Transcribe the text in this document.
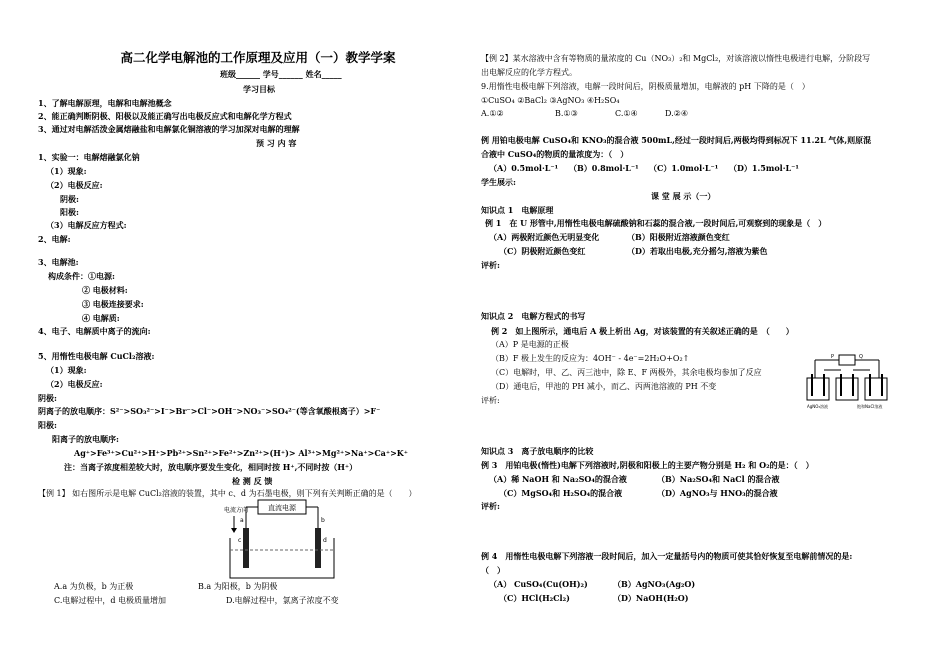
高二化学电解池的工作原理及应用（一）教学学案
班级______ 学号______ 姓名_____
学习目标
1、了解电解原理，电解和电解池概念
2、能正确判断阴极、阳极以及能正确写出电极反应式和电解化学方程式
3、通过对电解活泼金属熔融盐和电解氯化铜溶液的学习加深对电解的理解
预 习 内 容
1、实验一：电解熔融氯化钠
（1）现象:
（2）电极反应:
阴极:
阳极:
（3）电解反应方程式:
2、电解:
3、电解池:
构成条件：①电源:
② 电极材料:
③ 电极连接要求:
④ 电解质:
4、电子、电解质中离子的流向:
5、用惰性电极电解 CuCl₂溶液:
（1）现象:
（2）电极反应:
阴极:
阴离子的放电顺序：S²⁻>SO₃²⁻>I⁻>Br⁻>Cl⁻>OH⁻>NO₃⁻>SO₄²⁻(等含氧酸根离子）>F⁻
阳极:
阳离子的放电顺序:
Ag⁺>Fe³⁺>Cu²⁺>H⁺>Pb²⁺>Sn²⁺>Fe²⁺>Zn²⁺>(H⁺)> Al³⁺>Mg²⁺>Na⁺>Ca⁺>K⁺
注：当离子浓度相差较大时，放电顺序要发生变化，相同时按 H⁺,不同时按（H⁺）
检 测 反 馈
【例 1】 如右图所示是电解 CuCl₂溶液的装置，其中 c、d 为石墨电极，则下列有关判断正确的是（　　）
直流电源
电流方向
a	b
c	d
A.a 为负极，b 为正极	B.a 为阳极，b 为阴极
C.电解过程中，d 电极质量增加	D.电解过程中，氯离子浓度不变
【例 2】某水溶液中含有等物质的量浓度的 Cu（NO₃）₂和 MgCl₂，对该溶液以惰性电极进行电解，分阶段写
出电解反应的化学方程式。
9.用惰性电极电解下列溶液，电解一段时间后，阴极质量增加，电解液的 pH 下降的是（　）
①CuSO₄ ②BaCl₂ ③AgNO₃ ④H₂SO₄
A.①②	B.①③	C.①④	D.②④
例 用铂电极电解 CuSO₄和 KNO₃的混合液 500mL,经过一段时间后,两极均得到标况下 11.2L 气体,则原混
合液中 CuSO₄的物质的量浓度为：（　）
（A）0.5mol·L⁻¹ （B）0.8mol·L⁻¹ （C）1.0mol·L⁻¹ （D）1.5mol·L⁻¹
学生展示:
课 堂 展 示（一）
知识点 1　电解原理
例 1　在 U 形管中,用惰性电极电解硫酸钠和石蕊的混合液,一段时间后,可观察到的现象是（　）
（A）两极附近颜色无明显变化	（B）阳极附近溶液颜色变红
（C）阴极附近颜色变红	（D）若取出电极,充分摇匀,溶液为紫色
评析:
知识点 2　电解方程式的书写
例 2　如上图所示，通电后 A 极上析出 Ag，对该装置的有关叙述正确的是　（　　）
（A）P 是电源的正极
（B）F 极上发生的反应为：4OH⁻ - 4e⁻=2H₂O+O₂↑
（C）电解时，甲、乙、丙三池中，除 E、F 两极外，其余电极均参加了反应
（D）通电后，甲池的 PH 减小，而乙、丙两池溶液的 PH 不变
评析:
P	Q
AgNO₃溶液	饱和NaCl溶液
知识点 3　离子放电顺序的比较
例 3　用铂电极(惰性)电解下列溶液时,阴极和阳极上的主要产物分别是 H₂ 和 O₂的是：（　）
（A）稀 NaOH 和 Na₂SO₄的混合液	（B）Na₂SO₄和 NaCl 的混合液
（C）MgSO₄和 H₂SO₄的混合液	（D）AgNO₃与 HNO₃的混合液
评析:
例 4　用惰性电极电解下列溶液一段时间后，加入一定量括号内的物质可使其恰好恢复至电解前情况的是:
（　）
（A） CuSO₄(Cu(OH)₂)	（B）AgNO₃(Ag₂O)
（C）HCl(H₂Cl₂)	（D）NaOH(H₂O)
